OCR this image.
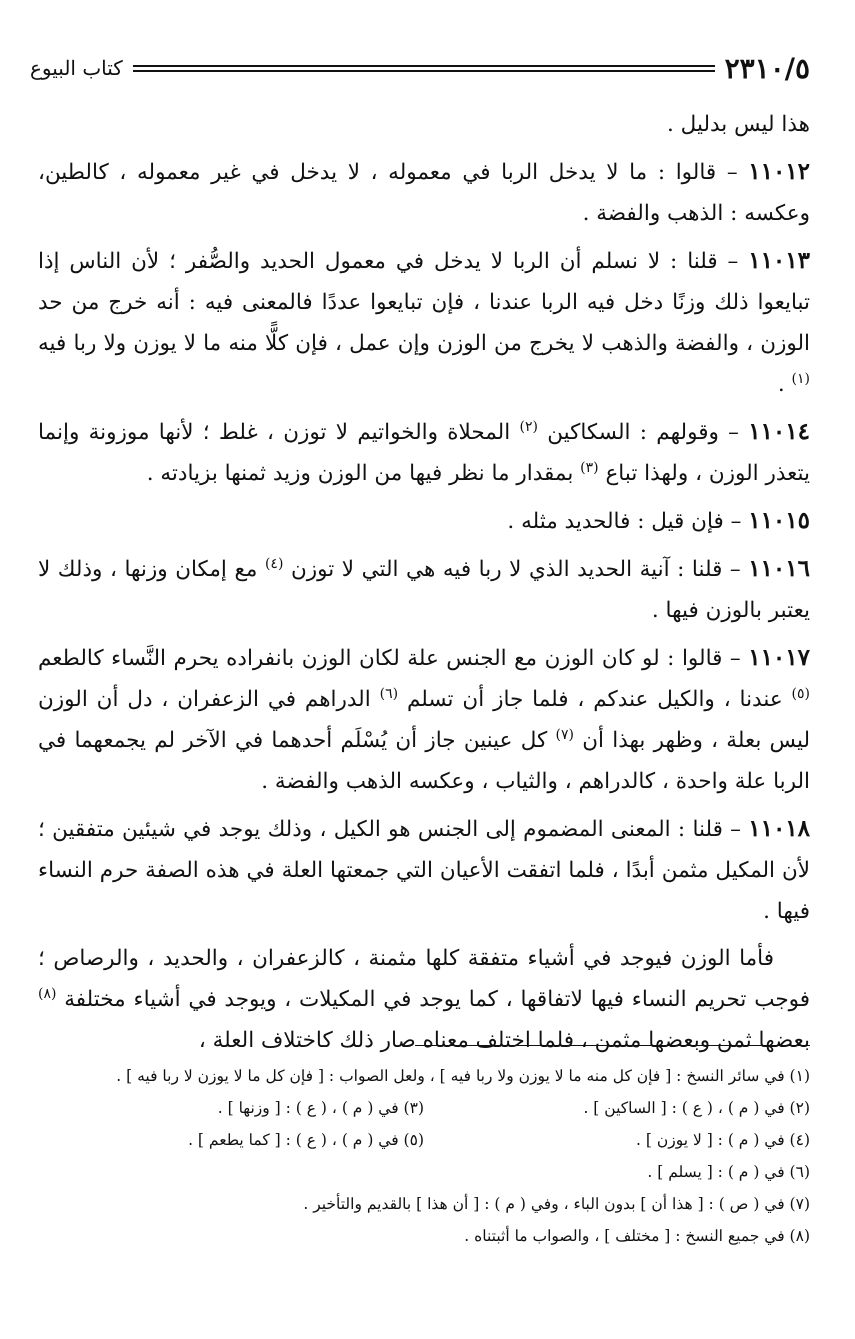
٢٣١٠/٥
كتاب البيوع

هذا ليس بدليل .

١١٠١٢ – قالوا : ما لا يدخل الربا في معموله ، لا يدخل في غير معموله ، كالطين، وعكسه : الذهب والفضة .

١١٠١٣ – قلنا : لا نسلم أن الربا لا يدخل في معمول الحديد والصُّفر ؛ لأن الناس إذا تبايعوا ذلك وزنًا دخل فيه الربا عندنا ، فإن تبايعوا عددًا فالمعنى فيه : أنه خرج من حد الوزن ، والفضة والذهب لا يخرج من الوزن وإن عمل ، فإن كلًّا منه ما لا يوزن ولا ربا فيه $^{(١)}$ .

١١٠١٤ – وقولهم : السكاكين $^{(٢)}$ المحلاة والخواتيم لا توزن ، غلط ؛ لأنها موزونة وإنما يتعذر الوزن ، ولهذا تباع $^{(٣)}$ بمقدار ما نظر فيها من الوزن وزيد ثمنها بزيادته .

١١٠١٥ – فإن قيل : فالحديد مثله .

١١٠١٦ – قلنا : آنية الحديد الذي لا ربا فيه هي التي لا توزن $^{(٤)}$ مع إمكان وزنها ، وذلك لا يعتبر بالوزن فيها .

١١٠١٧ – قالوا : لو كان الوزن مع الجنس علة لكان الوزن بانفراده يحرم النَّساء كالطعم $^{(٥)}$ عندنا ، والكيل عندكم ، فلما جاز أن تسلم $^{(٦)}$ الدراهم في الزعفران ، دل أن الوزن ليس بعلة ، وظهر بهذا أن $^{(٧)}$ كل عينين جاز أن يُسْلَم أحدهما في الآخر لم يجمعهما في الربا علة واحدة ، كالدراهم ، والثياب ، وعكسه الذهب والفضة .

١١٠١٨ – قلنا : المعنى المضموم إلى الجنس هو الكيل ، وذلك يوجد في شيئين متفقين ؛ لأن المكيل مثمن أبدًا ، فلما اتفقت الأعيان التي جمعتها العلة في هذه الصفة حرم النساء فيها .

فأما الوزن فيوجد في أشياء متفقة كلها مثمنة ، كالزعفران ، والحديد ، والرصاص ؛ فوجب تحريم النساء فيها لاتفاقها ، كما يوجد في المكيلات ، ويوجد في أشياء مختلفة $^{(٨)}$ بعضها ثمن وبعضها مثمن ، فلما اختلف معناه صار ذلك كاختلاف العلة ،

(١) في سائر النسخ : [ فإن كل منه ما لا يوزن ولا ربا فيه ] ، ولعل الصواب : [ فإن كل ما لا يوزن لا ربا فيه ] .
(٢) في ( م ) ، ( ع ) : [ الساكين ] .
(٣) في ( م ) ، ( ع ) : [ وزنها ] .
(٤) في ( م ) : [ لا يوزن ] .
(٥) في ( م ) ، ( ع ) : [ كما يطعم ] .
(٦) في ( م ) : [ يسلم ] .
(٧) في ( ص ) : [ هذا أن ] بدون الباء ، وفي ( م ) : [ أن هذا ] بالقديم والتأخير .
(٨) في جميع النسخ : [ مختلف ] ، والصواب ما أثبتناه .
